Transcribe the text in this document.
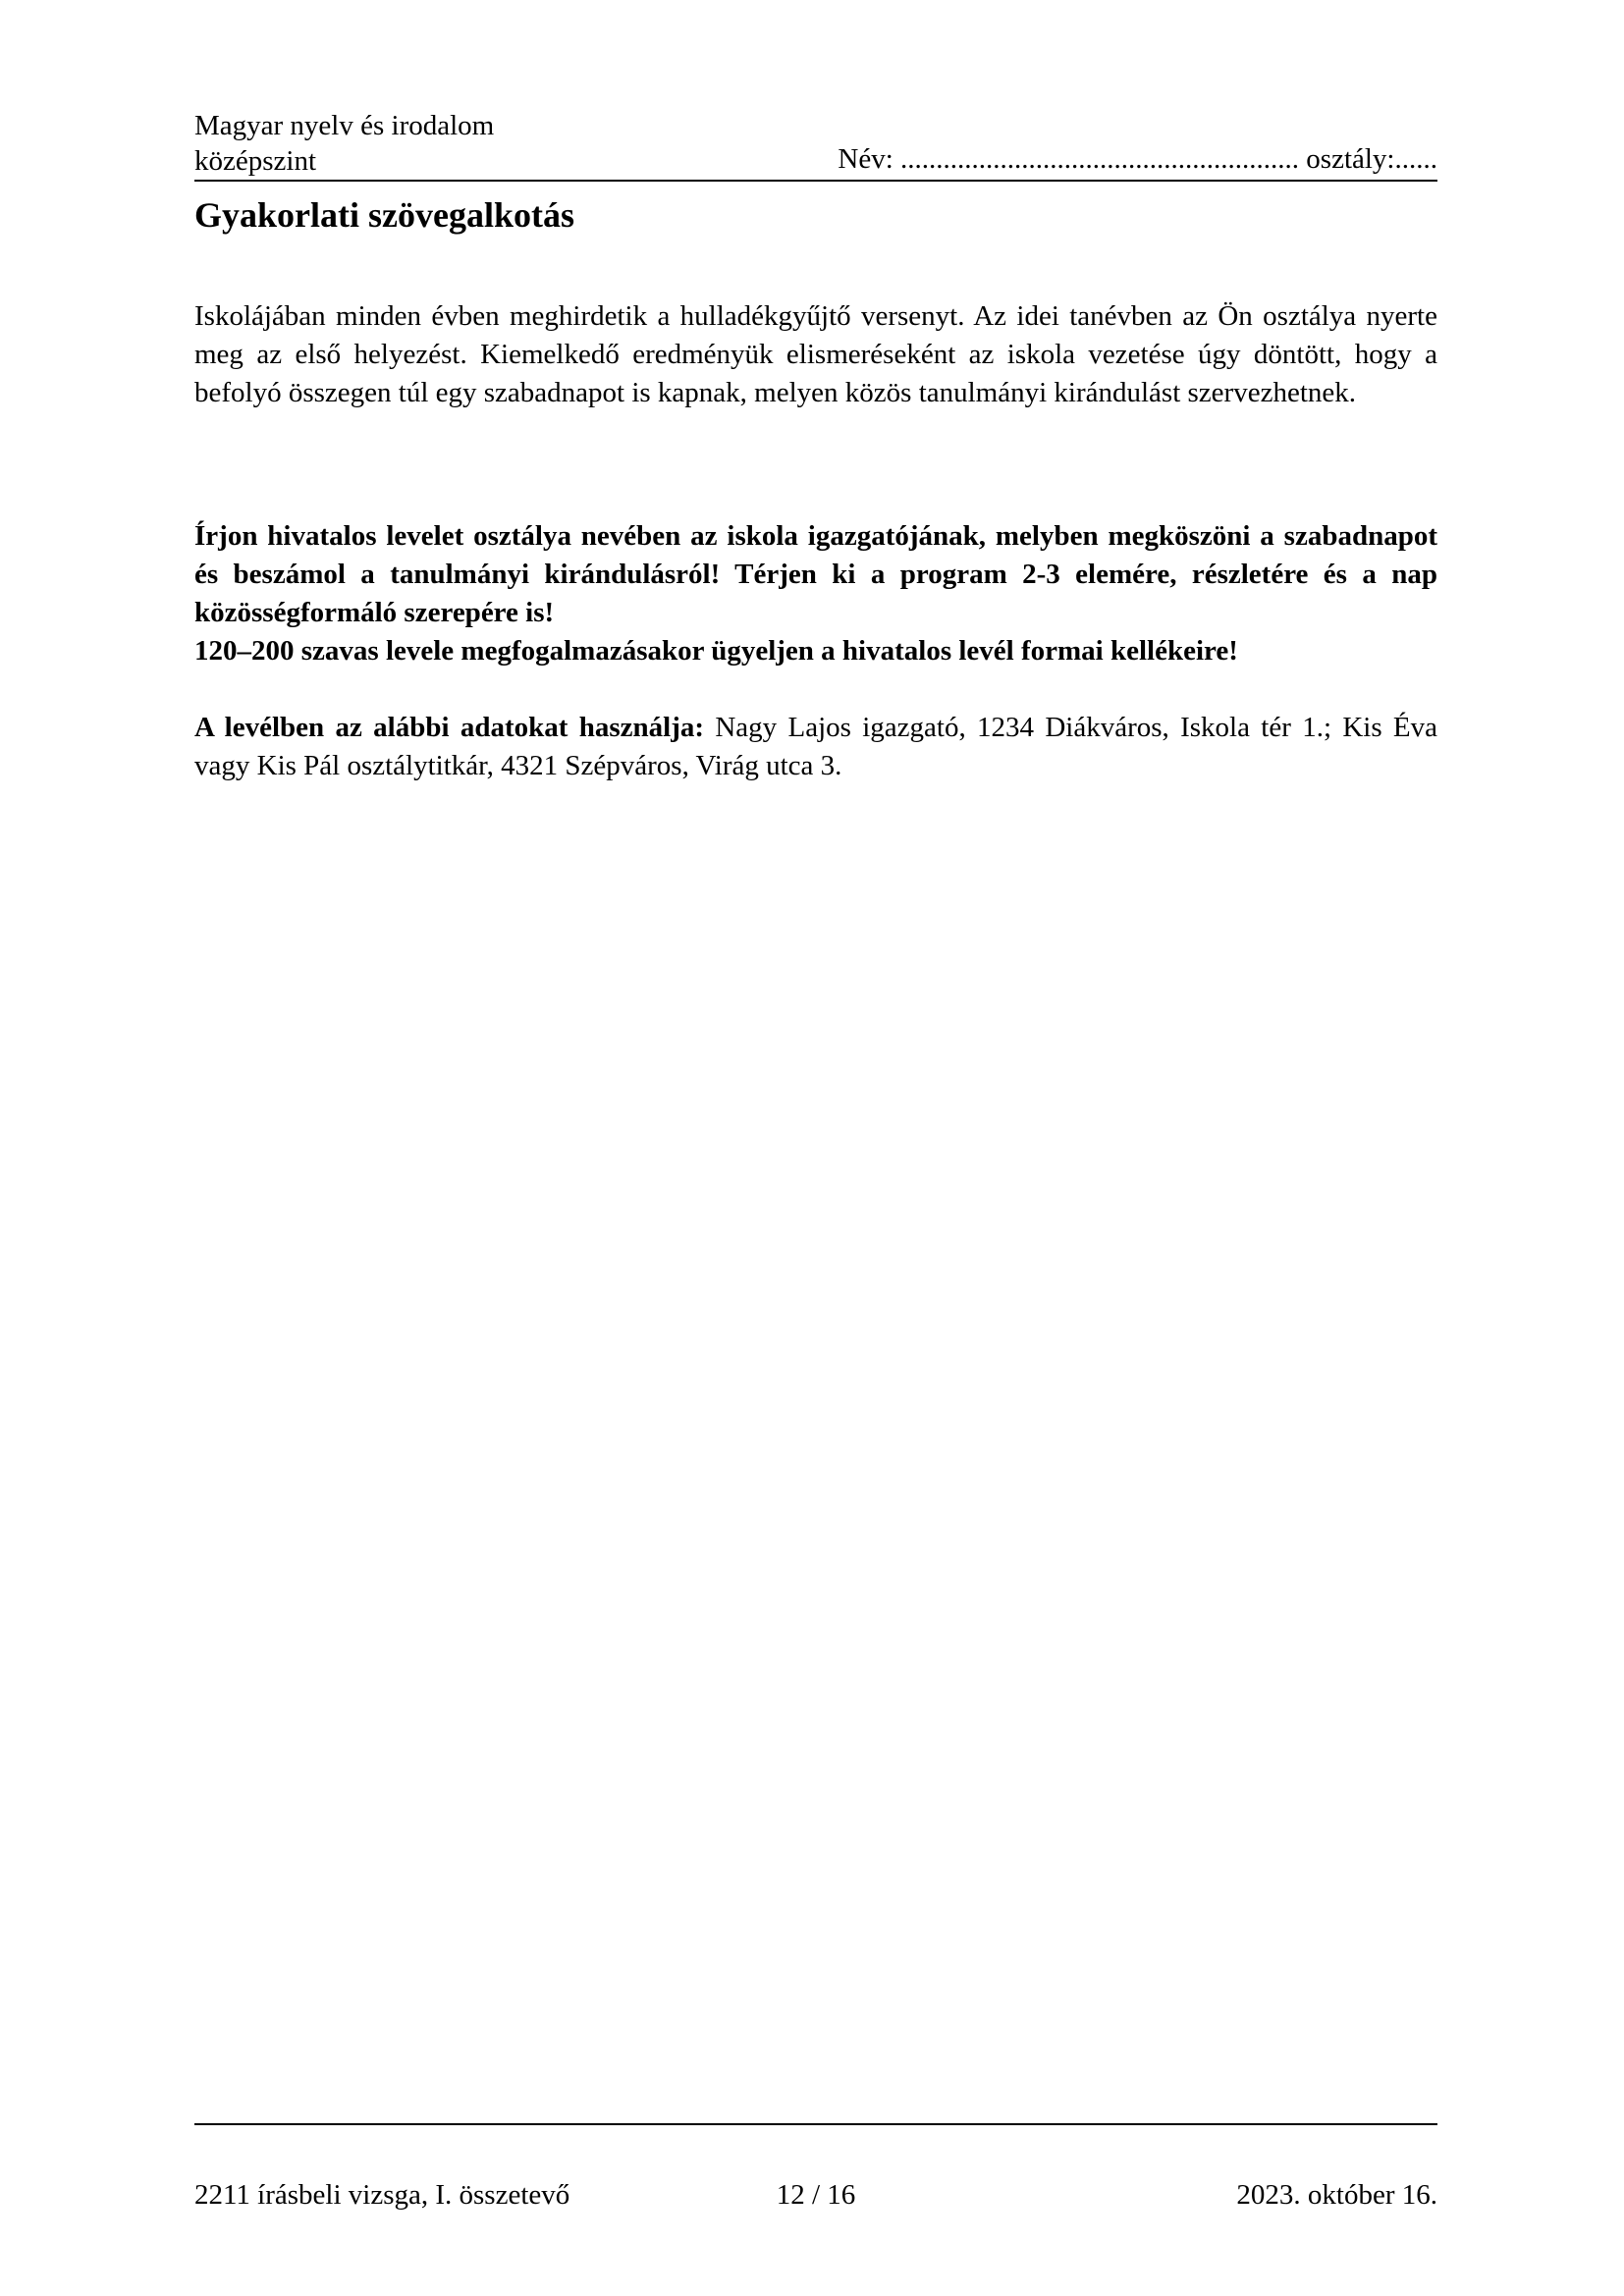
Magyar nyelv és irodalom
középszint	Név: ........................................................ osztály:......
Gyakorlati szövegalkotás

Iskolájában minden évben meghirdetik a hulladékgyűjtő versenyt. Az idei tanévben az Ön osztálya nyerte meg az első helyezést. Kiemelkedő eredményük elismeréseként az iskola vezetése úgy döntött, hogy a befolyó összegen túl egy szabadnapot is kapnak, melyen közös tanulmányi kirándulást szervezhetnek.

Írjon hivatalos levelet osztálya nevében az iskola igazgatójának, melyben megköszöni a szabadnapot és beszámol a tanulmányi kirándulásról! Térjen ki a program 2-3 elemére, részletére és a nap közösségformáló szerepére is!
120–200 szavas levele megfogalmazásakor ügyeljen a hivatalos levél formai kellékeire!

A levélben az alábbi adatokat használja: Nagy Lajos igazgató, 1234 Diákváros, Iskola tér 1.; Kis Éva vagy Kis Pál osztálytitkár, 4321 Szépváros, Virág utca 3.

2211 írásbeli vizsga, I. összetevő	12 / 16	2023. október 16.
